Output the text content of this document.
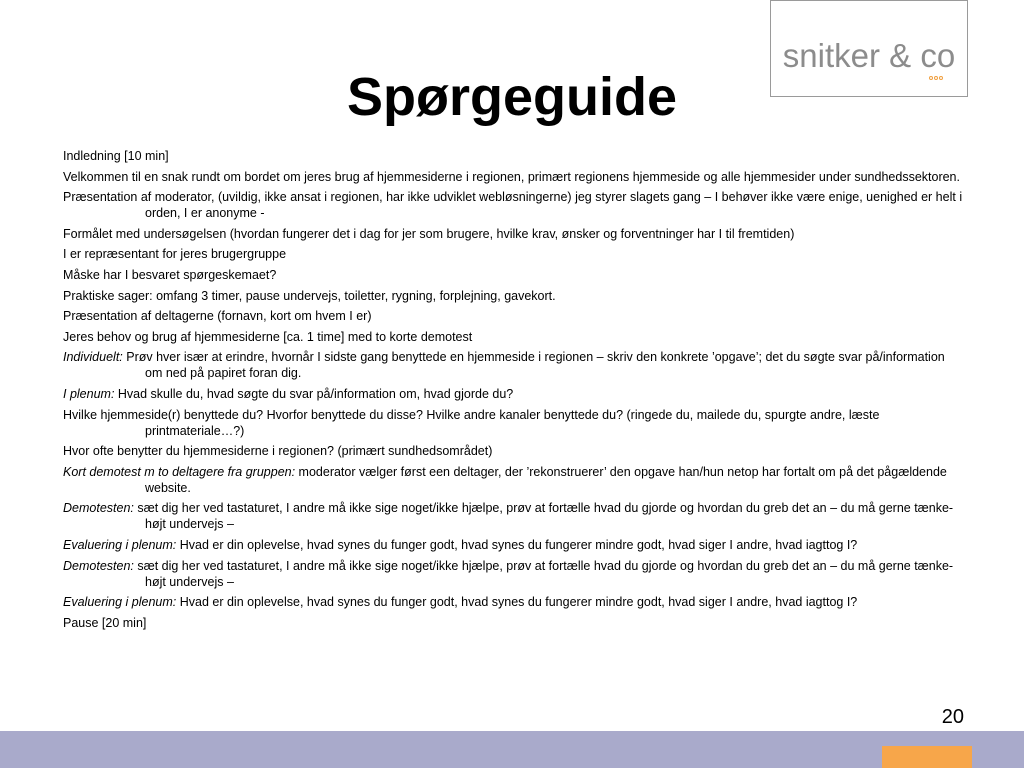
snitker & co
Spørgeguide
Indledning [10 min]
Velkommen til en snak rundt om bordet om jeres brug af hjemmesiderne i regionen, primært regionens hjemmeside og alle hjemmesider under sundhedssektoren.
Præsentation af moderator, (uvildig, ikke ansat i regionen, har ikke udviklet webløsningerne) jeg styrer slagets gang – I behøver ikke være enige, uenighed er helt i orden, I er anonyme -
Formålet med undersøgelsen (hvordan fungerer det i dag for jer som brugere, hvilke krav, ønsker og forventninger har I til fremtiden)
I er repræsentant for jeres brugergruppe
Måske har I besvaret spørgeskemaet?
Praktiske sager: omfang 3 timer, pause undervejs, toiletter, rygning, forplejning, gavekort.
Præsentation af deltagerne (fornavn, kort om hvem I er)
Jeres behov og brug af hjemmesiderne [ca. 1 time] med to korte demotest
Individuelt: Prøv hver især at erindre, hvornår I sidste gang benyttede en hjemmeside i regionen – skriv den konkrete ’opgave’; det du søgte svar på/information om ned på papiret foran dig.
I plenum: Hvad skulle du, hvad søgte du svar på/information om, hvad gjorde du?
Hvilke hjemmeside(r) benyttede du? Hvorfor benyttede du disse? Hvilke andre kanaler benyttede du? (ringede du, mailede du, spurgte andre, læste printmateriale…?)
Hvor ofte benytter du hjemmesiderne i regionen? (primært sundhedsområdet)
Kort demotest m to deltagere fra gruppen: moderator vælger først een deltager, der ’rekonstruerer’ den opgave han/hun netop har fortalt om på det pågældende website.
Demotesten: sæt dig her ved tastaturet, I andre må ikke sige noget/ikke hjælpe, prøv at fortælle hvad du gjorde og hvordan du greb det an – du må gerne tænke-højt undervejs –
Evaluering i plenum: Hvad er din oplevelse, hvad synes du funger godt, hvad synes du fungerer mindre godt, hvad siger I andre, hvad iagttog I?
Demotesten: sæt dig her ved tastaturet, I andre må ikke sige noget/ikke hjælpe, prøv at fortælle hvad du gjorde og hvordan du greb det an – du må gerne tænke-højt undervejs –
Evaluering i plenum: Hvad er din oplevelse, hvad synes du funger godt, hvad synes du fungerer mindre godt, hvad siger I andre, hvad iagttog I?
Pause [20 min]
20
